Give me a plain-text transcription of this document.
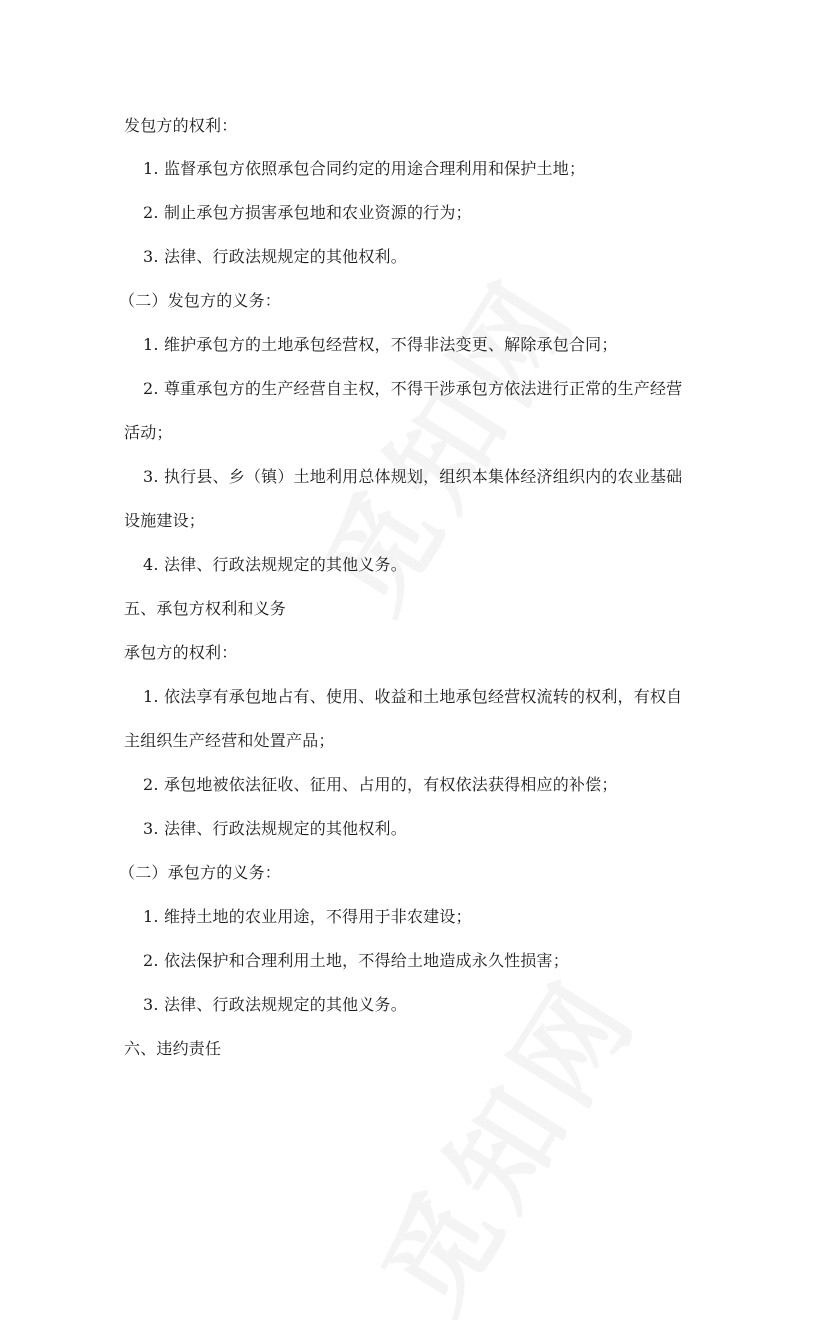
发包方的权利：
1. 监督承包方依照承包合同约定的用途合理利用和保护土地；
2. 制止承包方损害承包地和农业资源的行为；
3. 法律、行政法规规定的其他权利。
（二）发包方的义务：
1. 维护承包方的土地承包经营权，不得非法变更、解除承包合同；
2. 尊重承包方的生产经营自主权，不得干涉承包方依法进行正常的生产经营
活动；
3. 执行县、乡（镇）土地利用总体规划，组织本集体经济组织内的农业基础
设施建设；
4. 法律、行政法规规定的其他义务。
五、承包方权利和义务
承包方的权利：
1. 依法享有承包地占有、使用、收益和土地承包经营权流转的权利，有权自
主组织生产经营和处置产品；
2. 承包地被依法征收、征用、占用的，有权依法获得相应的补偿；
3. 法律、行政法规规定的其他权利。
（二）承包方的义务：
1. 维持土地的农业用途，不得用于非农建设；
2. 依法保护和合理利用土地，不得给土地造成永久性损害；
3. 法律、行政法规规定的其他义务。
六、违约责任
